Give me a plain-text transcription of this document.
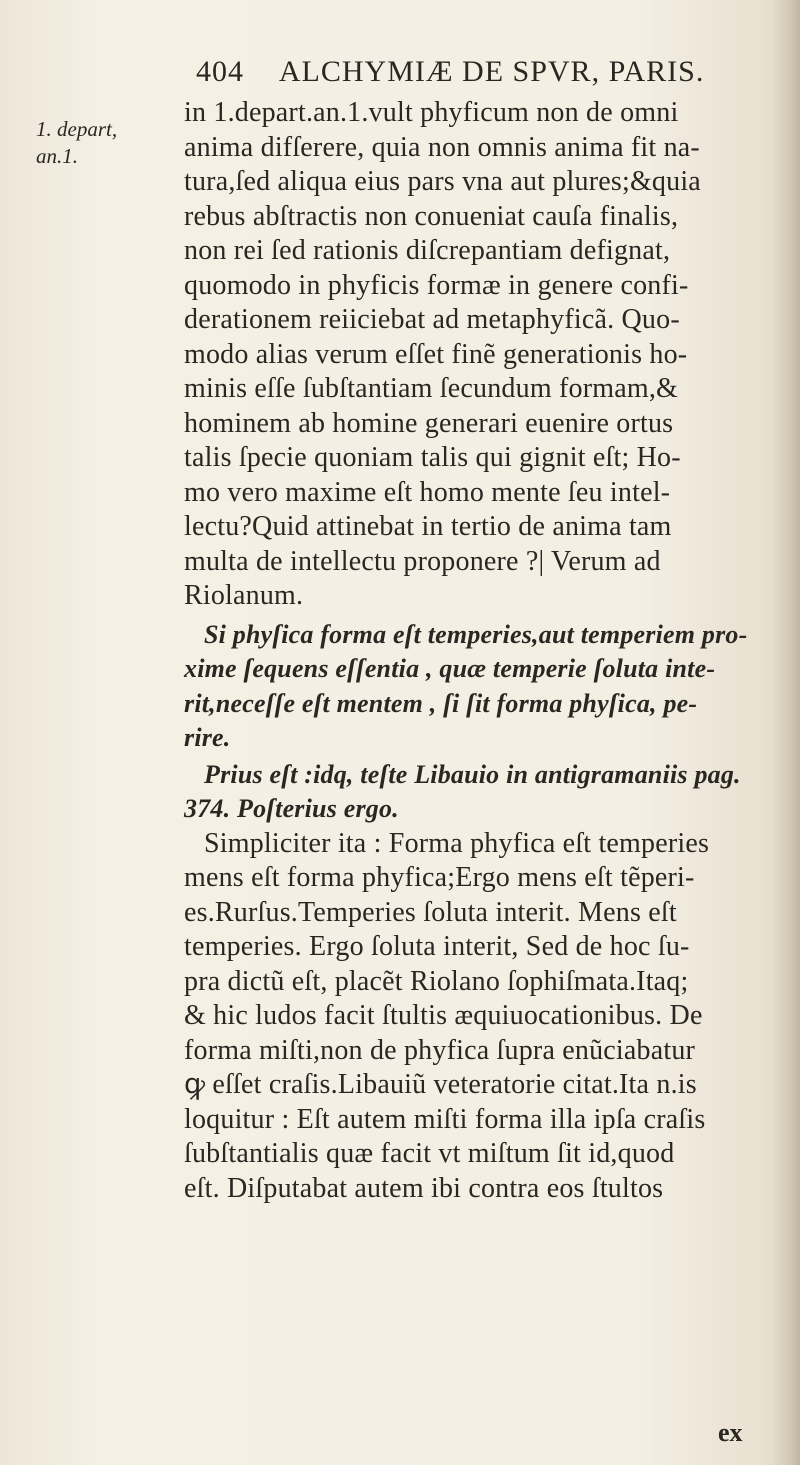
404 ALCHYMIÆ DE SPVR, PARIS.
1. depart,
an.1.
in 1.depart.an.1.vult phyficum non de omni
anima difſerere, quia non omnis anima fit na-
tura,ſed aliqua eius pars vna aut plures;&quia
rebus abſtractis non conueniat cauſa finalis,
non rei ſed rationis diſcrepantiam defignat,
quomodo in phyficis formæ in genere confi-
derationem reiiciebat ad metaphyficã. Quo-
modo alias verum eſſet finẽ generationis ho-
minis eſſe ſubſtantiam ſecundum formam,&
hominem ab homine generari euenire ortus
talis ſpecie quoniam talis qui gignit eſt; Ho-
mo vero maxime eſt homo mente ſeu intel-
lectu?Quid attinebat in tertio de anima tam
multa de intellectu proponere ?| Verum ad
Riolanum.
Si phyſica forma eſt temperies,aut temperiem pro-
xime ſequens eſſentia , quæ temperie ſoluta inte-
rit,neceſſe eſt mentem , ſi ſit forma phyſica, pe-
rire.
Prius eſt :idq, teſte Libauio in antigramaniis pag.
374. Poſterius ergo.
Simpliciter ita : Forma phyfica eſt temperies
mens eſt forma phyfica;Ergo mens eſt tẽperi-
es.Rurſus.Temperies ſoluta interit. Mens eſt
temperies. Ergo ſoluta interit, Sed de hoc ſu-
pra dictũ eſt, placẽt Riolano ſophiſmata.Itaq;
& hic ludos facit ſtultis æquiuocationibus. De
forma miſti,non de phyfica ſupra enũciabatur
ꝙ eſſet craſis.Libauiũ veteratorie citat.Ita n.is
loquitur : Eſt autem miſti forma illa ipſa craſis
ſubſtantialis quæ facit vt miſtum ſit id,quod
eſt. Diſputabat autem ibi contra eos ſtultos
ex
